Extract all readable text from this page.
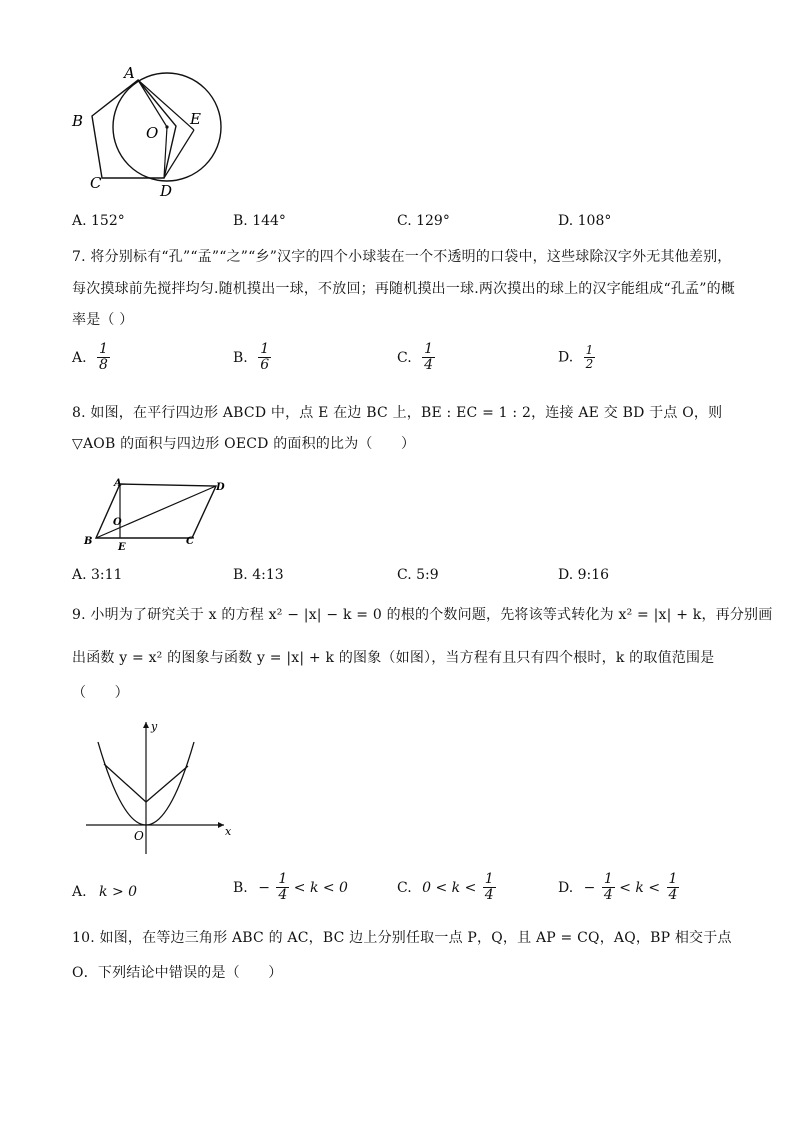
A
B
C	D
E
O
A. 152°	B. 144°	C. 129°	D. 108°
7. 将分别标有“孔”“孟”“之”“乡”汉字的四个小球装在一个不透明的口袋中，这些球除汉字外无其他差别，
每次摸球前先搅拌均匀.随机摸出一球，不放回；再随机摸出一球.两次摸出的球上的汉字能组成“孔孟”的概
率是（ ）
A. $\frac{1}{8}$	B. $\frac{1}{6}$	C. $\frac{1}{4}$	D. $\frac{1}{2}$
8. 如图，在平行四边形 ABCD 中，点 E 在边 BC 上，BE : EC = 1 : 2，连接 AE 交 BD 于点 O，则
▽AOB 的面积与四边形 OECD 的面积的比为（　　）
A	D
B
E
C
O
A. 3:11	B. 4:13	C. 5:9	D. 9:16
9. 小明为了研究关于 x 的方程 x² − |x| − k = 0 的根的个数问题，先将该等式转化为 x² = |x| + k，再分别画
出函数 y = x² 的图象与函数 y = |x| + k 的图象（如图），当方程有且只有四个根时，k 的取值范围是
（　　）
x
y
O
A. k > 0	B. − $\frac{1}{4} < k < 0$	C. $0 < k < \frac{1}{4}$	D. − $\frac{1}{4} < k < \frac{1}{4}$
10. 如图，在等边三角形 ABC 的 AC，BC 边上分别任取一点 P，Q，且 AP = CQ，AQ，BP 相交于点
O．下列结论中错误的是（　　）
